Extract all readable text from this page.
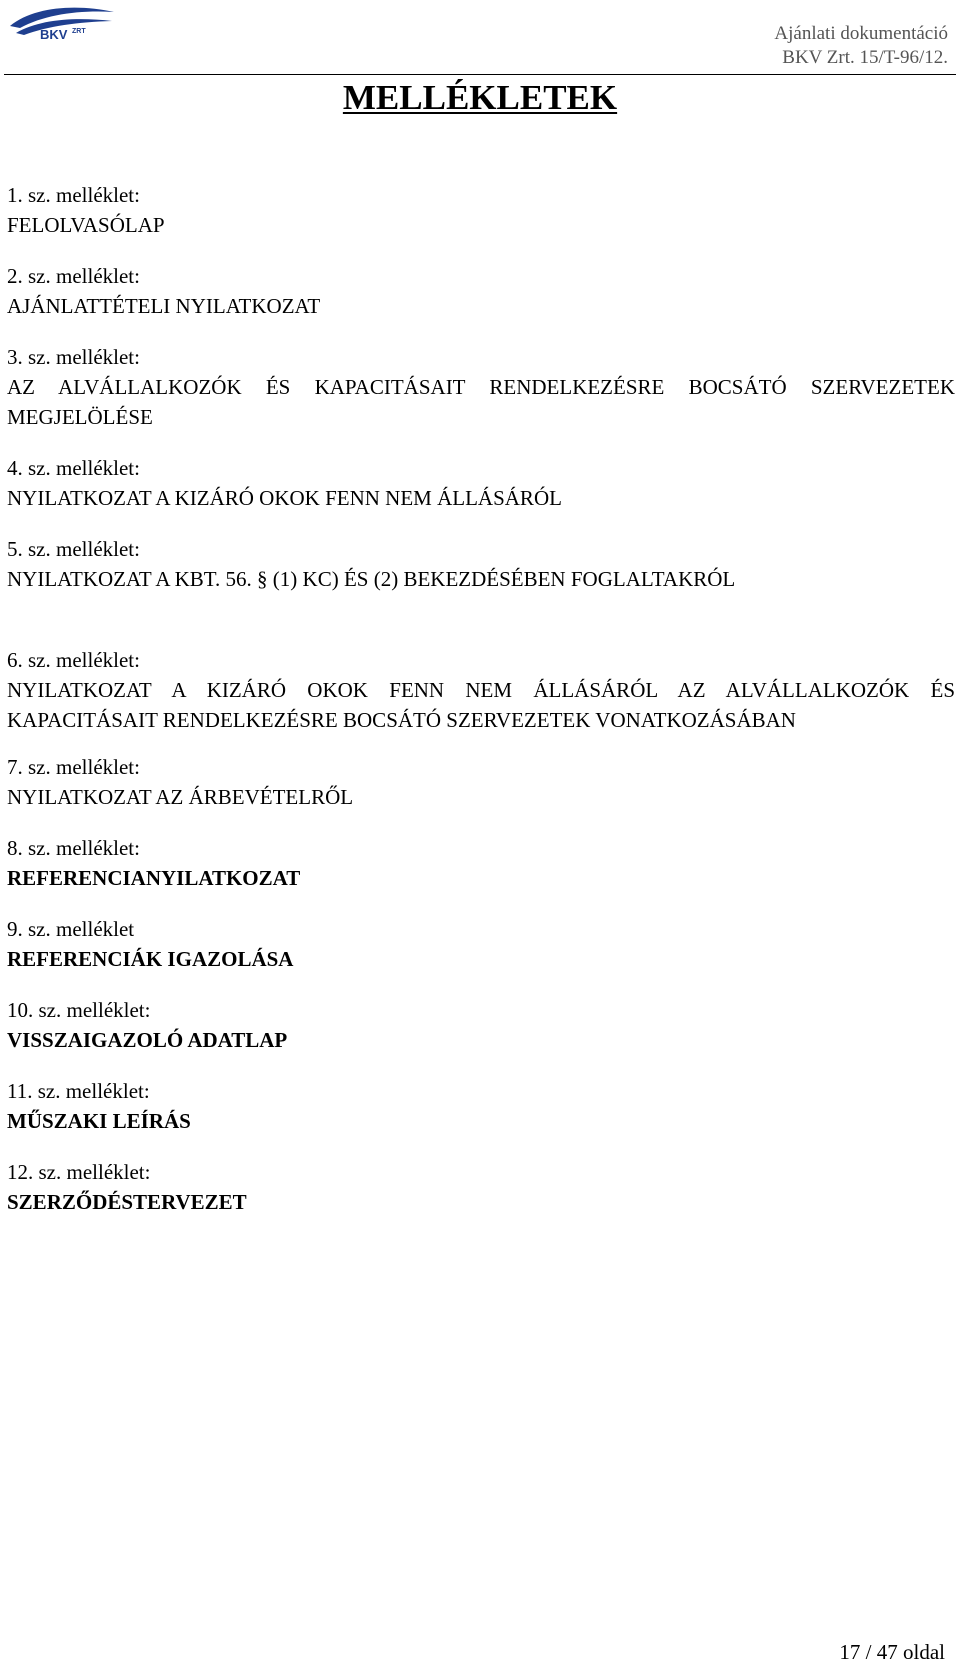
BKV ZRT	Ajánlati dokumentáció
BKV Zrt. 15/T-96/12.
MELLÉKLETEK
1. sz. melléklet:
FELOLVASÓLAP
2. sz. melléklet:
AJÁNLATTÉTELI NYILATKOZAT
3. sz. melléklet:
AZ ALVÁLLALKOZÓK ÉS KAPACITÁSAIT RENDELKEZÉSRE BOCSÁTÓ SZERVEZETEK MEGJELÖLÉSE
4. sz. melléklet:
NYILATKOZAT A KIZÁRÓ OKOK FENN NEM ÁLLÁSÁRÓL
5. sz. melléklet:
NYILATKOZAT A KBT. 56. § (1) KC) ÉS (2) BEKEZDÉSÉBEN FOGLALTAKRÓL
6. sz. melléklet:
NYILATKOZAT A KIZÁRÓ OKOK FENN NEM ÁLLÁSÁRÓL AZ ALVÁLLALKOZÓK ÉS KAPACITÁSAIT RENDELKEZÉSRE BOCSÁTÓ SZERVEZETEK VONATKOZÁSÁBAN
7. sz. melléklet:
NYILATKOZAT AZ ÁRBEVÉTELRŐL
8. sz. melléklet:
REFERENCIANYILATKOZAT
9. sz. melléklet
REFERENCIÁK IGAZOLÁSA
10. sz. melléklet:
VISSZAIGAZOLÓ ADATLAP
11. sz. melléklet:
MŰSZAKI LEÍRÁS
12. sz. melléklet:
SZERZŐDÉSTERVEZET
17 / 47 oldal
